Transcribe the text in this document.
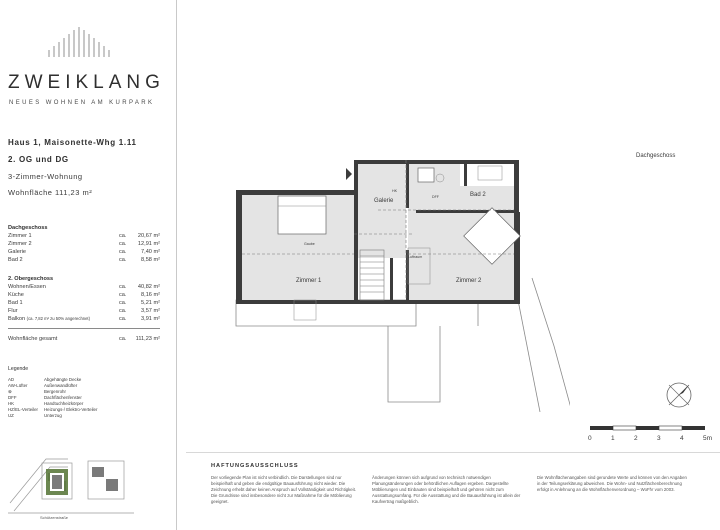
ZWEIKLANG
NEUES WOHNEN AM KURPARK
Haus 1, Maisonette-Whg 1.11
2. OG und DG
3-Zimmer-Wohnung
Wohnfläche 111,23 m²
Dachgeschoss
Zimmer 1	ca. 20,67 m²
Zimmer 2	ca. 12,91 m²
Galerie	ca.	7,40 m²
Bad 2	ca.	8,58 m²
2. Obergeschoss
Wohnen/Essen	ca. 40,82 m²
Küche	ca.	8,16 m²
Bad 1	ca.	5,21 m²
Flur	ca.	3,57 m²
Balkon (ca. 7,82 m² zu 50% angerechnet)	ca.	3,91 m²
Wohnfläche gesamt	ca. 111,23 m²
Legende
AD	Abgehängte Decke
AW-Lüfter	Außenwandlüfter
⊗	Bergenrohr
DFF	Dachflächenfenster
HK	Handtuchheizkörper
HZ/EL-Verteiler Heizungs-/ Elektro-Verteiler
UZ	Unterzug
Schützenstraße
Dachgeschoss
Zimmer 1	Zimmer 2
Galerie
Bad 2
Gaube
Luftraum
DFF
HK
0	1	2	3	4	5m
HAFTUNGSAUSSCHLUSS
Der vorliegende Plan ist nicht verbindlich. Die Darstellungen sind nur beispielhaft und geben die endgültige Bauausführung nicht wieder. Die Zeichnung erhebt daher keinen Anspruch auf Vollständigkeit und Richtigkeit. Die Grundrisse sind insbesondere nicht zur Maßnahme für die Möblierung geeignet.
Änderungen können sich aufgrund von technisch notwendigen Planungsänderungen oder behördlichen Auflagen ergeben. Dargestellte Möblierungen und Einbauten sind beispielhaft und gehören nicht zum Ausstattungsumfang. Für die Ausstattung und die Bauausführung ist allein der Kaufvertrag maßgeblich.
Die Wohnflächenangaben sind gerundete Werte und können von den Angaben in der Teilungserklärung abweichen. Die Wohn- und Nutzflächenberechnung erfolgt in Anlehnung an die Wohnflächenverordnung – WoFlV vom 2003.
